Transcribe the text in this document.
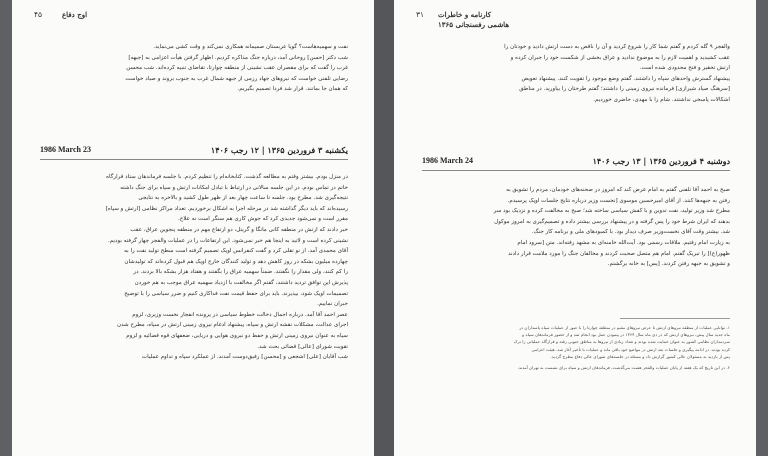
۴۵	اوج دفاع
نفت و سهمیه‌هاست؟ گویا عربستان صمیمانه همکاری نمی‌کند و وقت کشی می‌نماید.
شب دکتر [حسن] روحانی آمد، درباره جنگ مذاکره کردیم. اظهار گرفتن هیأت اعزامی به [جبهه]
غرب را گفت که برای مقصران عقب نشینی از منطقه چوارتا، تقاضای تنبیه کرده‌اند. شب محسن
رضایی تلفنی خواست که نیروهای جهاد رزمی از جبهه شمال غرب به جنوب بروند و صیاد خواست
که همان جا بمانند. قرار شد فردا تصمیم بگیریم.
یکشنبه ۳ فروردین ۱۳۶۵ | ۱۲ رجب ۱۴۰۶
1986 March 23
در منزل بودم. بیشتر وقتم به مطالعه گذشت. کتابخانه‌ام را تنظیم کردم. با جلسه فرماندهان ستاد قرارگاه
خاتم در تماس بودم. در این جلسه سالانی در ارتباط با تبادل امکانات ارتش و سپاه برای جنگ داشته
نتیجه‌گیری شد. مطرح بود. جلسه تا ساعت چهار بعد از ظهر طول کشید و بالاخره به نتایجی
رسیده‌اند که باید دیگر گذاشته شد در مرحله اجرا به اشکال برخوردیم. تعداد مراکز نظامی [ارتش و سپاه]
مقرر است و نمی‌شود جدیدی کرد که جوش کاری هم سنگر است نه علاج.
خبر دادند که ارتش در منطقه کانی مانگا و گریتل، دو ارتفاع مهم در منطقه پنجوین عراق، عقب
نشینی کرده است و لاتید به اینجا هم خبر نمی‌شود. این ارتفاعات را در عملیات والفجر چهار گرفته بودیم.
آقای محمدی آمد. از نو تقلی کرد و گفت کنفرانس اوپک تصمیم گرفته است سطح تولید نفت را به
چهارده میلیون بشکه در روز کاهش دهد و تولید کنندگان خارج اوپک هم قبول کرده‌اند که تولیدشان
را کم کنند، ولی مقدار را نگفتند. ضمناً سهمیه عراق را بگفتند و هفتاد هزار بشکه بالا بردند. در
پذیرش این توافق تردید داشتند، گفتم اگر مخالفت با ازدیاد سهمیه عراق موجب به هم خوردن
تصمیمات اوپک شود، بپذیرند. باید برای حفظ قیمت نفت فداکاری کنیم و ضرر سیاسی را با توضیح
جبران نماییم.
عصر احمد آقا آمد. درباره اجمال دخالت خطوط سیاسی در پرونده انفجار نخست وزیری، لزوم
اجرای عدالت، مشکلات نقشه ارتش و سپاه، پیشنهاد ادغام نیروی زمینی ارتش در سپاه، مطرح شدن
سپاه به عنوان نیروی زمینی ارتش و حفظ دو نیروی هوایی و دریایی، ضعفهای قوه قضائیه و لزوم
تقویت شورای [عالی] قضائی بحث شد.
شب آقایان [علی] اشجعی و [محسن] رفیق‌دوست آمدند. از عملکرد سپاه و تداوم عملیات
۳۱ کارنامه و خاطرات
هاشمی رفسنجانی ۱۳۶۵
والفجر ۹ گله کردم و گفتم شما کار را شروع کردید و آن را ناقص به دست ارتش دادید و خودتان را
عقب کشیدید و اهمیت لازم را به موضوع ندادید و عراق بخشی از شکست خود را جبران کرده و
ارتش تحقیر و فتح محدودی شده است.
پیشنهاد گسترش واحدهای سپاه را داشتند. گفتم وضع موجود را تقویت کنند. پیشنهاد تعویض
[سرهنگ صیاد شیرازی] فرمانده نیروی زمینی را داشتند؛ گفتم طرحتان را بیاورید. در مناطق
اشکالات پاسخی نداشتند. شام را با مهدی، حاضری خوردیم.
دوشنبه ۴ فروردین ۱۳۶۵ | ۱۳ رجب ۱۴۰۶
1986 March 24
صبح به احمد آقا تلفنی گفتم به امام عرض کند که امروز در صحنه‌های خودمان، مردم را تشویق به
رفتن به جبهه‌ها کنند. از آقای امیرحسین موسوی [نخست وزیر درباره نتایج جلسات اوپک پرسیدم.
مطرح شد وزیر تولید، نفت تدوین و با کفش سیاسی ساخته شد؛ صبح به مخالفت کرده و نزدیک بود سر
بدهند که ایران شرط خود را پس گرفته و در پیشنهاد بررسی بیشتر داده و تصمیم‌گیری به امروز موکول
شد. بیشتر وقت آقای نخست‌وزیر صرف دیدار بود. با کمبودهای ملی و برنامه کار جنگ.
به زیارت امام رفتیم. ملاقات رسمی بود. آیت‌الله خامنه‌ای به مشهد رفته‌اند. متن [سرود امام
ظهور(ع)] را تبریک گفتم. امام هم متصل صحبت کردند و مخالفان جنگ را مورد ملامت قرار دادند
و تشویق به جبهه رفتن کردند. [پس] به خانه برگشتم.
۱. توانایی عملیات از منطقه نیروهای ارتش تا عرض نیروهای مقیم در منطقه چوارتا را با عبور از عملیات سپاه پاسداران در
ماه جدید سال پیش، نیروهای ارتش که در دی ماه سال ۱۳۶۴ در پیمودن عمل بود انجام شد و از حضور فرماندهان سپاه و
سردمداران نظامی کشور به عنوان حمایت شده بودند و تعداد زیادی از نیروها به مناطق جنوبی رفته و قرارگاه عملیاتی را ترک
کرده بودند. در ادامه پیگیری و جلسات بعد ارتش در مواضع خود باقی ماند و عملیات با تأخیر آغاز شد. هیئت اعزامی
پس از بازدید به مسئولان عالی کشور گزارش داد و مسئله در جلسه‌های شورای عالی دفاع مطرح گردید.
۲. در این تاریخ که یک هفته از پایان عملیات والفجر هشت می‌گذشت، فرماندهان ارتش و سپاه برای نشست به تهران آمدند.
